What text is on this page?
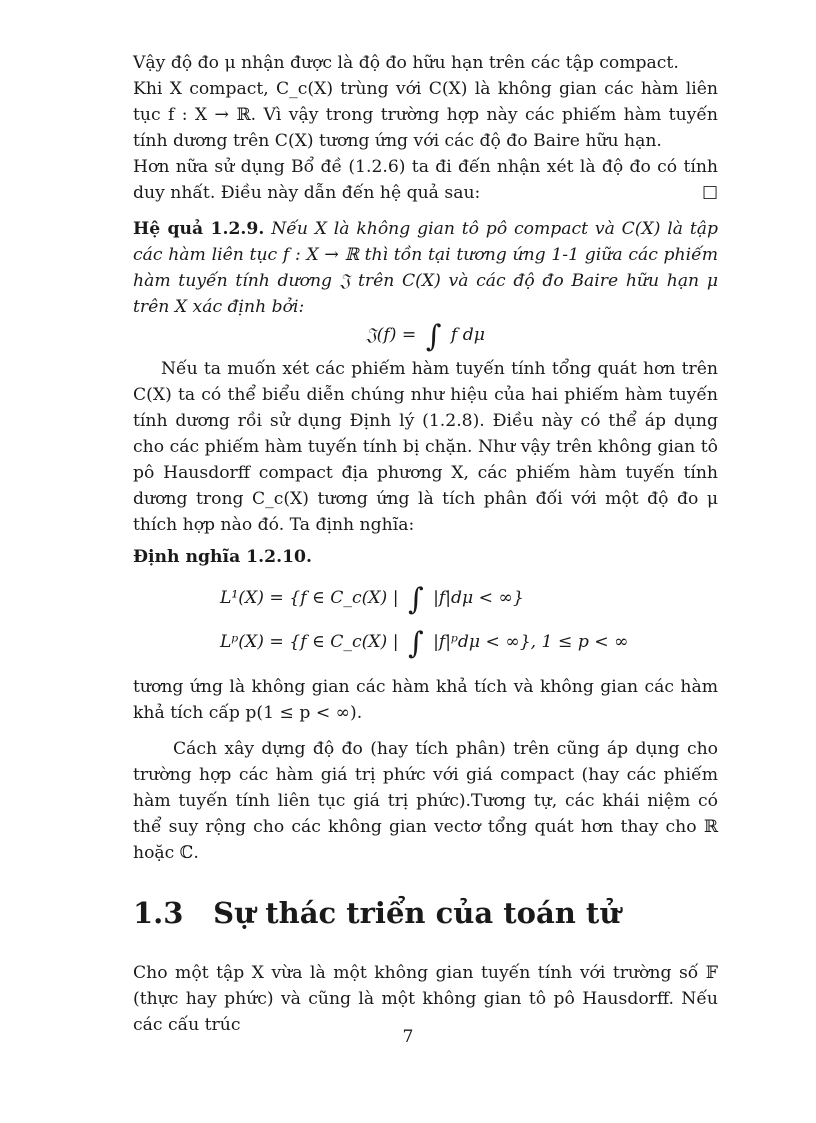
Vậy độ đo μ nhận được là độ đo hữu hạn trên các tập compact.

Khi X compact, C_c(X) trùng với C(X) là không gian các hàm liên tục f : X → ℝ. Vì vậy trong trường hợp này các phiếm hàm tuyến tính dương trên C(X) tương ứng với các độ đo Baire hữu hạn.

Hơn nữa sử dụng Bổ đề (1.2.6) ta đi đến nhận xét là độ đo có tính duy nhất. Điều này dẫn đến hệ quả sau:	□

Hệ quả 1.2.9. Nếu X là không gian tô pô compact và C(X) là tập các hàm liên tục f : X → ℝ thì tồn tại tương ứng 1-1 giữa các phiếm hàm tuyến tính dương 𝔍 trên C(X) và các độ đo Baire hữu hạn μ trên X xác định bởi:

𝔍(f) = ∫ f dμ

Nếu ta muốn xét các phiếm hàm tuyến tính tổng quát hơn trên C(X) ta có thể biểu diễn chúng như hiệu của hai phiếm hàm tuyến tính dương rồi sử dụng Định lý (1.2.8). Điều này có thể áp dụng cho các phiếm hàm tuyến tính bị chặn. Như vậy trên không gian tô pô Hausdorff compact địa phương X, các phiếm hàm tuyến tính dương trong C_c(X) tương ứng là tích phân đối với một độ đo μ thích hợp nào đó. Ta định nghĩa:

Định nghĩa 1.2.10.

L¹(X) = {f ∈ C_c(X) | ∫ |f|dμ < ∞}
Lᵖ(X) = {f ∈ C_c(X) | ∫ |f|ᵖdμ < ∞}, 1 ≤ p < ∞

tương ứng là không gian các hàm khả tích và không gian các hàm khả tích cấp p(1 ≤ p < ∞).

Cách xây dựng độ đo (hay tích phân) trên cũng áp dụng cho trường hợp các hàm giá trị phức với giá compact (hay các phiếm hàm tuyến tính liên tục giá trị phức).Tương tự, các khái niệm có thể suy rộng cho các không gian vectơ tổng quát hơn thay cho ℝ hoặc ℂ.

1.3 Sự thác triển của toán tử

Cho một tập X vừa là một không gian tuyến tính với trường số 𝔽 (thực hay phức) và cũng là một không gian tô pô Hausdorff. Nếu các cấu trúc

7
